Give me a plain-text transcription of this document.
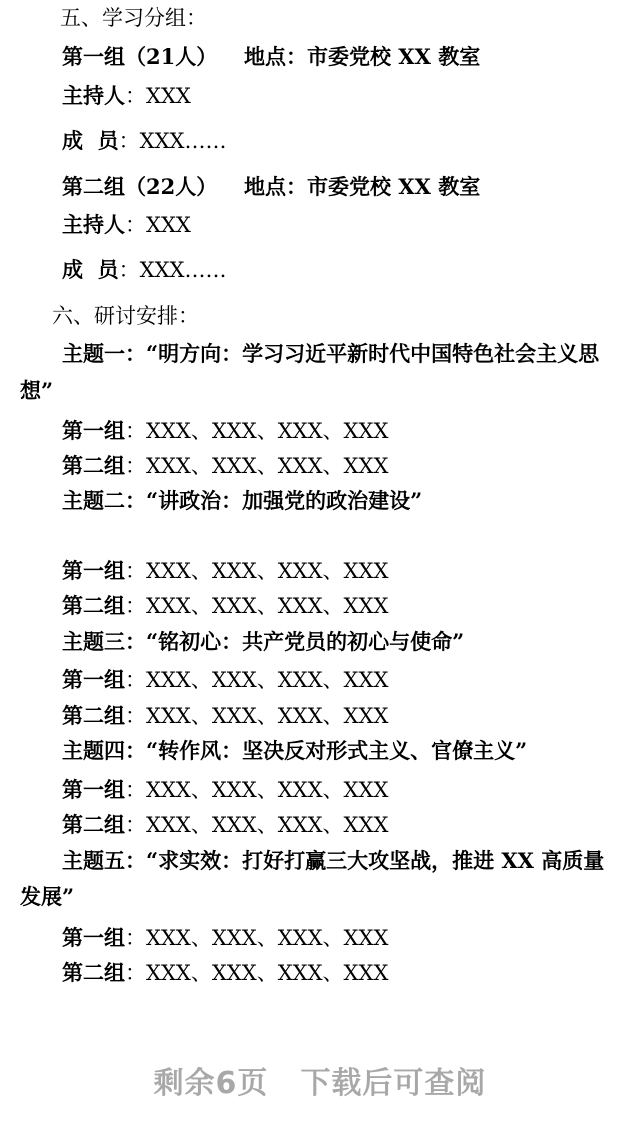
五、学习分组：
第一组（21人） 地点：市委党校 XX 教室
主持人：XXX
成  员：XXX……
第二组（22人） 地点：市委党校 XX 教室
主持人：XXX
成  员：XXX……
六、研讨安排：
主题一：“明方向：学习习近平新时代中国特色社会主义思
想”
第一组：XXX、XXX、XXX、XXX
第二组：XXX、XXX、XXX、XXX
主题二：“讲政治：加强党的政治建设”
第一组：XXX、XXX、XXX、XXX
第二组：XXX、XXX、XXX、XXX
主题三：“铭初心：共产党员的初心与使命”
第一组：XXX、XXX、XXX、XXX
第二组：XXX、XXX、XXX、XXX
主题四：“转作风：坚决反对形式主义、官僚主义”
第一组：XXX、XXX、XXX、XXX
第二组：XXX、XXX、XXX、XXX
主题五：“求实效：打好打赢三大攻坚战，推进 XX 高质量
发展”
第一组：XXX、XXX、XXX、XXX
第二组：XXX、XXX、XXX、XXX
剩余6页 下载后可查阅
